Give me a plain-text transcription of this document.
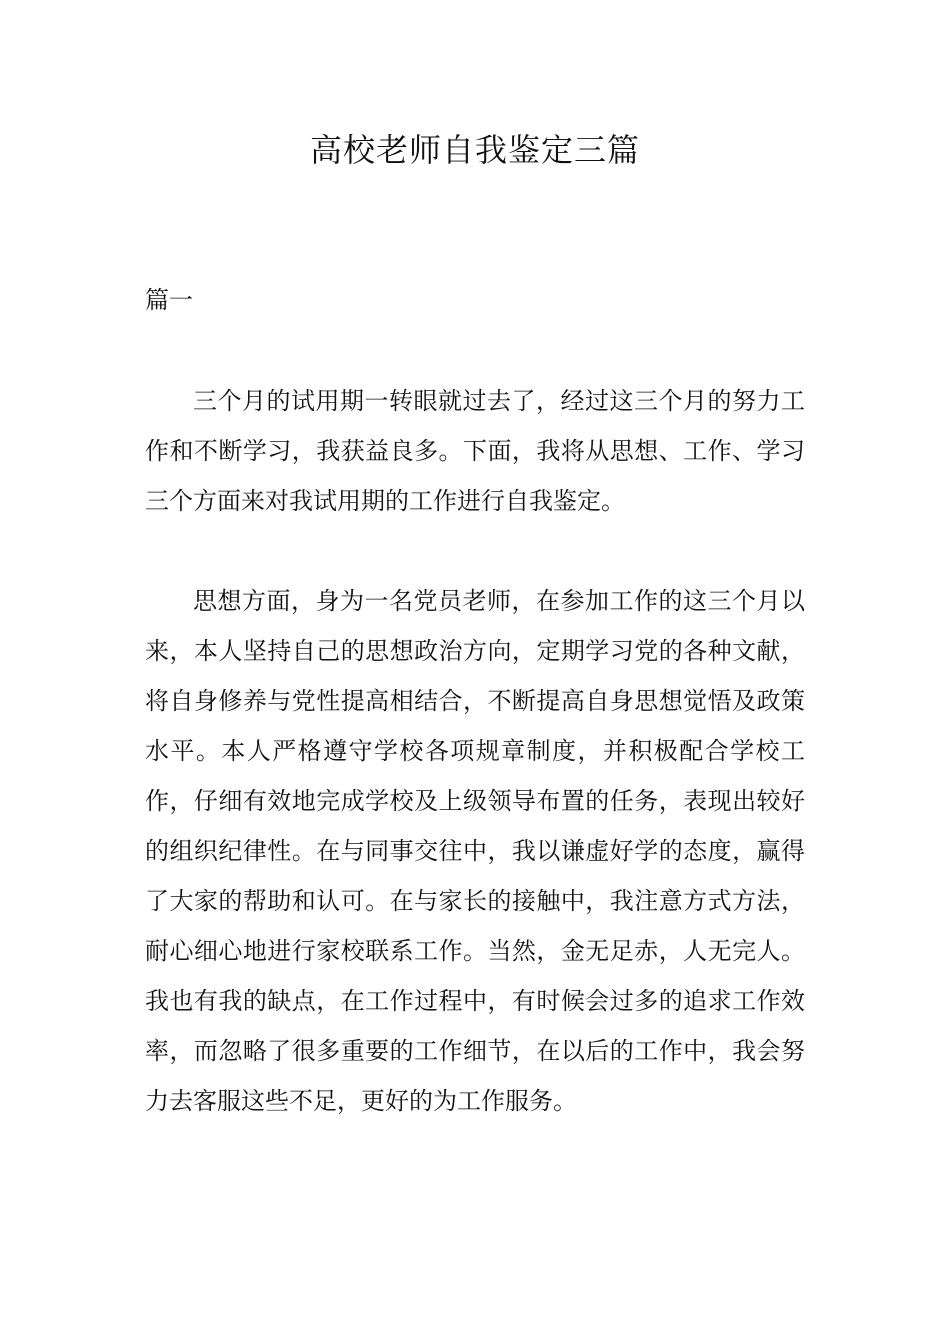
高校老师自我鉴定三篇
篇一

三个月的试用期一转眼就过去了，经过这三个月的努力工作和不断学习，我获益良多。下面，我将从思想、工作、学习三个方面来对我试用期的工作进行自我鉴定。

思想方面，身为一名党员老师，在参加工作的这三个月以来，本人坚持自己的思想政治方向，定期学习党的各种文献，将自身修养与党性提高相结合，不断提高自身思想觉悟及政策水平。本人严格遵守学校各项规章制度，并积极配合学校工作，仔细有效地完成学校及上级领导布置的任务，表现出较好的组织纪律性。在与同事交往中，我以谦虚好学的态度，赢得了大家的帮助和认可。在与家长的接触中，我注意方式方法，耐心细心地进行家校联系工作。当然，金无足赤，人无完人。我也有我的缺点，在工作过程中，有时候会过多的追求工作效率，而忽略了很多重要的工作细节，在以后的工作中，我会努力去客服这些不足，更好的为工作服务。
